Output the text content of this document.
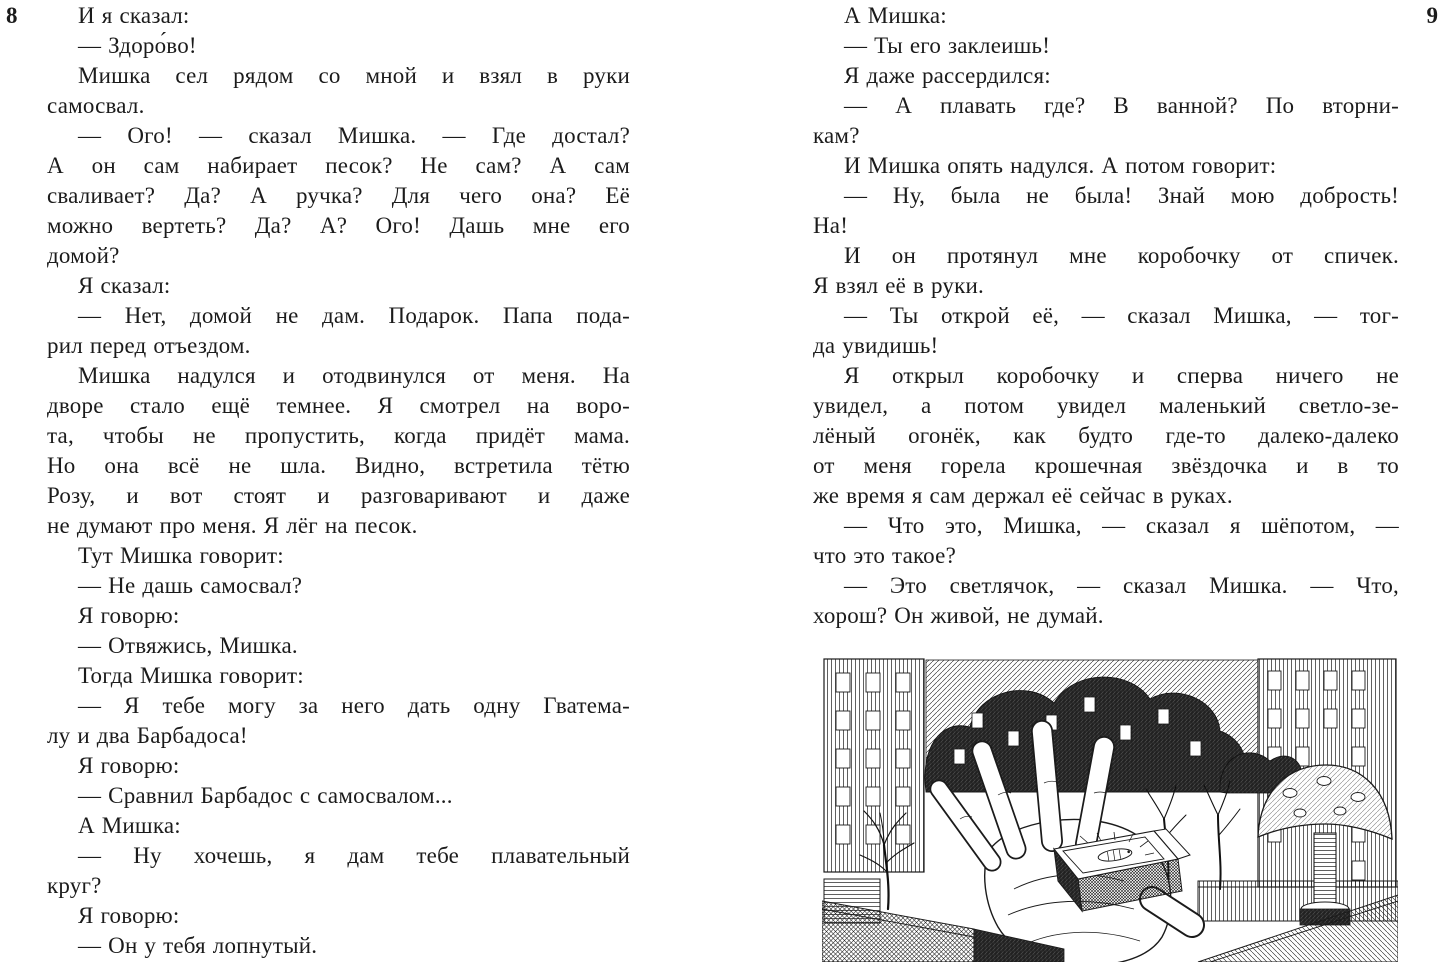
8	И я сказал:

— Здоро́во!

Мишка сел рядом со мной и взял в руки
самосвал.

— Ого! — сказал Мишка. — Где достал?
А он сам набирает песок? Не сам? А сам
сваливает? Да? А ручка? Для чего она? Её
можно вертеть? Да? А? Ого! Дашь мне его
домой?

Я сказал:

— Нет, домой не дам. Подарок. Папа пода-
рил перед отъездом.

Мишка надулся и отодвинулся от меня. На
дворе стало ещё темнее. Я смотрел на воро-
та, чтобы не пропустить, когда придёт мама.
Но она всё не шла. Видно, встретила тётю
Розу, и вот стоят и разговаривают и даже
не думают про меня. Я лёг на песок.

Тут Мишка говорит:

— Не дашь самосвал?

Я говорю:

— Отвяжись, Мишка.

Тогда Мишка говорит:

— Я тебе могу за него дать одну Гватема-
лу и два Барбадоса!

Я говорю:

— Сравнил Барбадос с самосвалом...

А Мишка:

— Ну хочешь, я дам тебе плавательный
круг?

Я говорю:

— Он у тебя лопнутый.

9

А Мишка:

— Ты его заклеишь!

Я даже рассердился:

— А плавать где? В ванной? По вторни-
кам?

И Мишка опять надулся. А потом говорит:

— Ну, была не была! Знай мою добрость!
На!

И он протянул мне коробочку от спичек.
Я взял её в руки.

— Ты открой её, — сказал Мишка, — тог-
да увидишь!

Я открыл коробочку и сперва ничего не
увидел, а потом увидел маленький светло-зе-
лёный огонёк, как будто где-то далеко-далеко
от меня горела крошечная звёздочка и в то
же время я сам держал её сейчас в руках.

— Что это, Мишка, — сказал я шёпотом, —
что это такое?

— Это светлячок, — сказал Мишка. — Что,
хорош? Он живой, не думай.
